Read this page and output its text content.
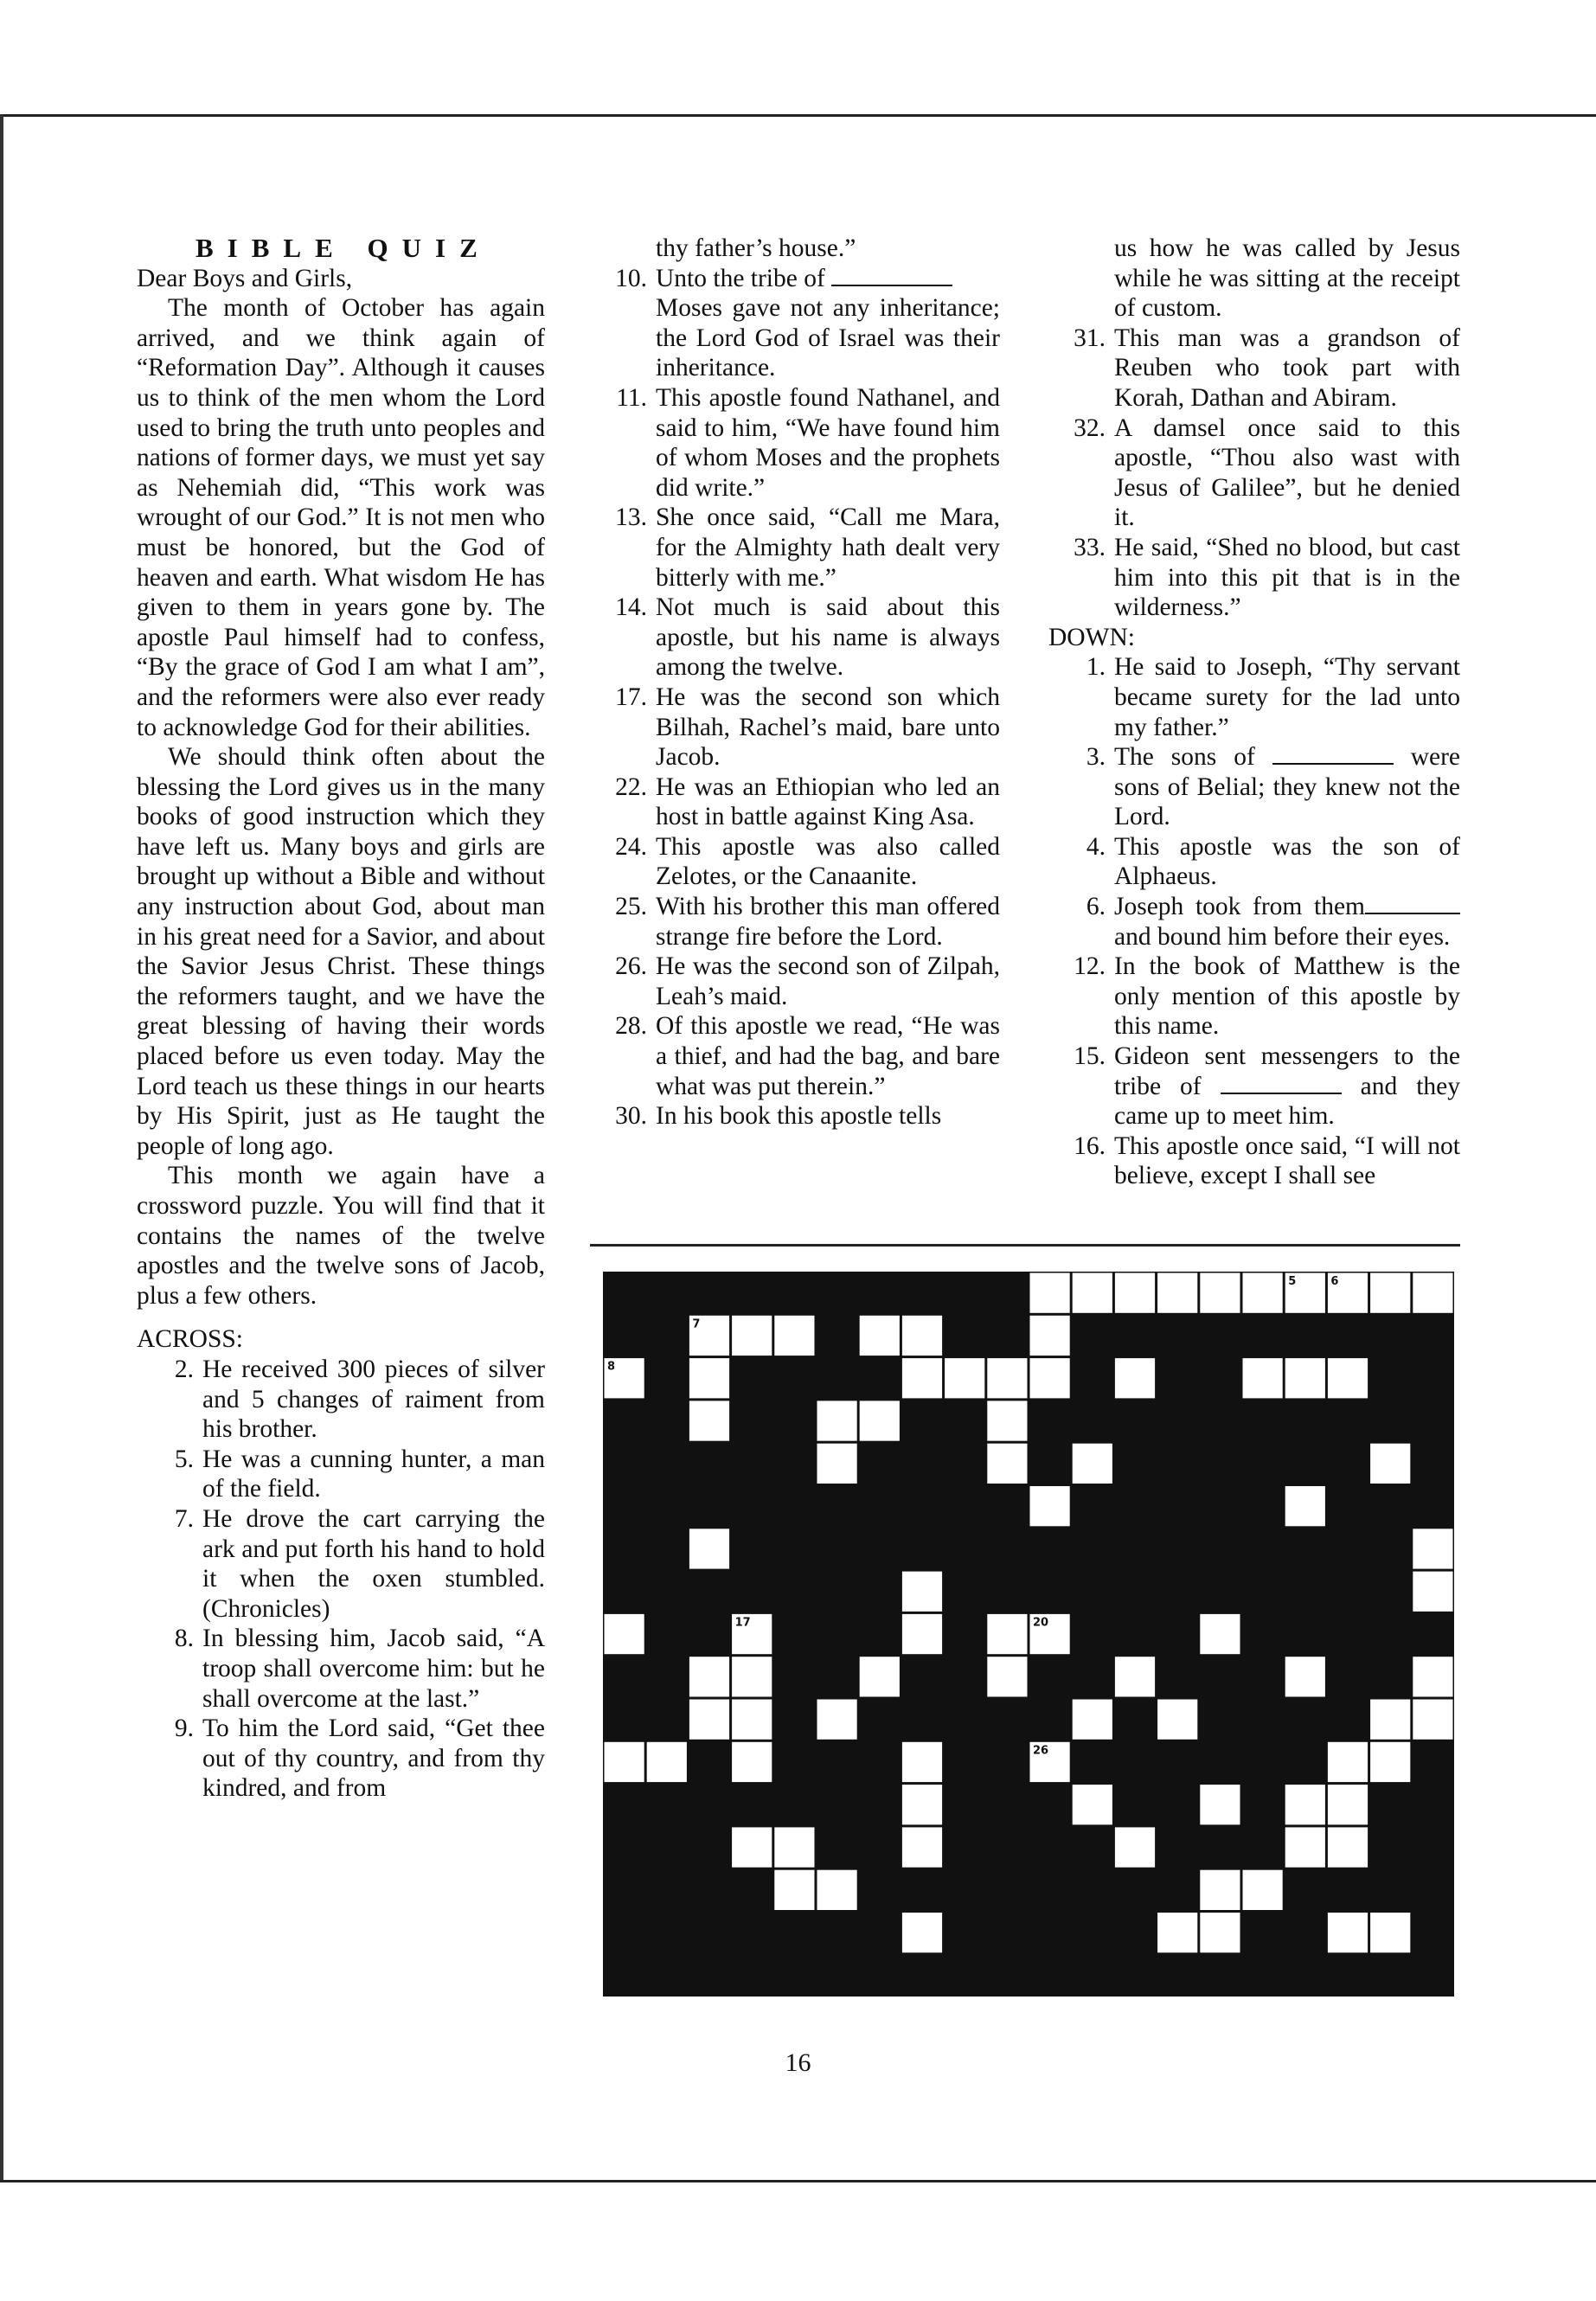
BIBLE QUIZ

Dear Boys and Girls,

The month of October has again arrived, and we think again of “Reformation Day”. Although it causes us to think of the men whom the Lord used to bring the truth unto peoples and nations of former days, we must yet say as Nehemiah did, “This work was wrought of our God.” It is not men who must be honored, but the God of heaven and earth. What wisdom He has given to them in years gone by. The apostle Paul himself had to confess, “By the grace of God I am what I am”, and the reformers were also ever ready to acknowledge God for their abilities.

We should think often about the blessing the Lord gives us in the many books of good instruction which they have left us. Many boys and girls are brought up without a Bible and without any instruction about God, about man in his great need for a Savior, and about the Savior Jesus Christ. These things the reformers taught, and we have the great blessing of having their words placed before us even today. May the Lord teach us these things in our hearts by His Spirit, just as He taught the people of long ago.

This month we again have a crossword puzzle. You will find that it contains the names of the twelve apostles and the twelve sons of Jacob, plus a few others.

ACROSS:

2. He received 300 pieces of silver and 5 changes of raiment from his brother.
5. He was a cunning hunter, a man of the field.
7. He drove the cart carrying the ark and put forth his hand to hold it when the oxen stumbled. (Chronicles)
8. In blessing him, Jacob said, “A troop shall overcome him: but he shall overcome at the last.”
9. To him the Lord said, “Get thee out of thy country, and from thy kindred, and from

thy father’s house.”

10. Unto the tribe of
Moses gave not any inheritance; the Lord God of Israel was their inheritance.
11. This apostle found Nathanel, and said to him, “We have found him of whom Moses and the prophets did write.”
13. She once said, “Call me Mara, for the Almighty hath dealt very bitterly with me.”
14. Not much is said about this apostle, but his name is always among the twelve.
17. He was the second son which Bilhah, Rachel’s maid, bare unto Jacob.
22. He was an Ethiopian who led an host in battle against King Asa.
24. This apostle was also called Zelotes, or the Canaanite.
25. With his brother this man offered strange fire before the Lord.
26. He was the second son of Zilpah, Leah’s maid.
28. Of this apostle we read, “He was a thief, and had the bag, and bare what was put therein.”
30. In his book this apostle tells

us how he was called by Jesus while he was sitting at the receipt of custom.

31. This man was a grandson of Reuben who took part with Korah, Dathan and Abiram.
32. A damsel once said to this apostle, “Thou also wast with Jesus of Galilee”, but he denied it.
33. He said, “Shed no blood, but cast him into this pit that is in the wilderness.”

DOWN:

1. He said to Joseph, “Thy servant became surety for the lad unto my father.”
3. The sons of	were sons of Belial; they knew not the Lord.
4. This apostle was the son of Alphaeus.
6. Joseph took from them and bound him before their eyes.
12. In the book of Matthew is the only mention of this apostle by this name.
15. Gideon sent messengers to the tribe of	and they came up to meet him.
16. This apostle once said, “I will not believe, except I shall see
1	2	3	4	5	6
7
8	9
10
11	12	13
14
15	16
17	18	19	20	21	22
23	24
25
26
27	28	29
30	31
32	33
16
